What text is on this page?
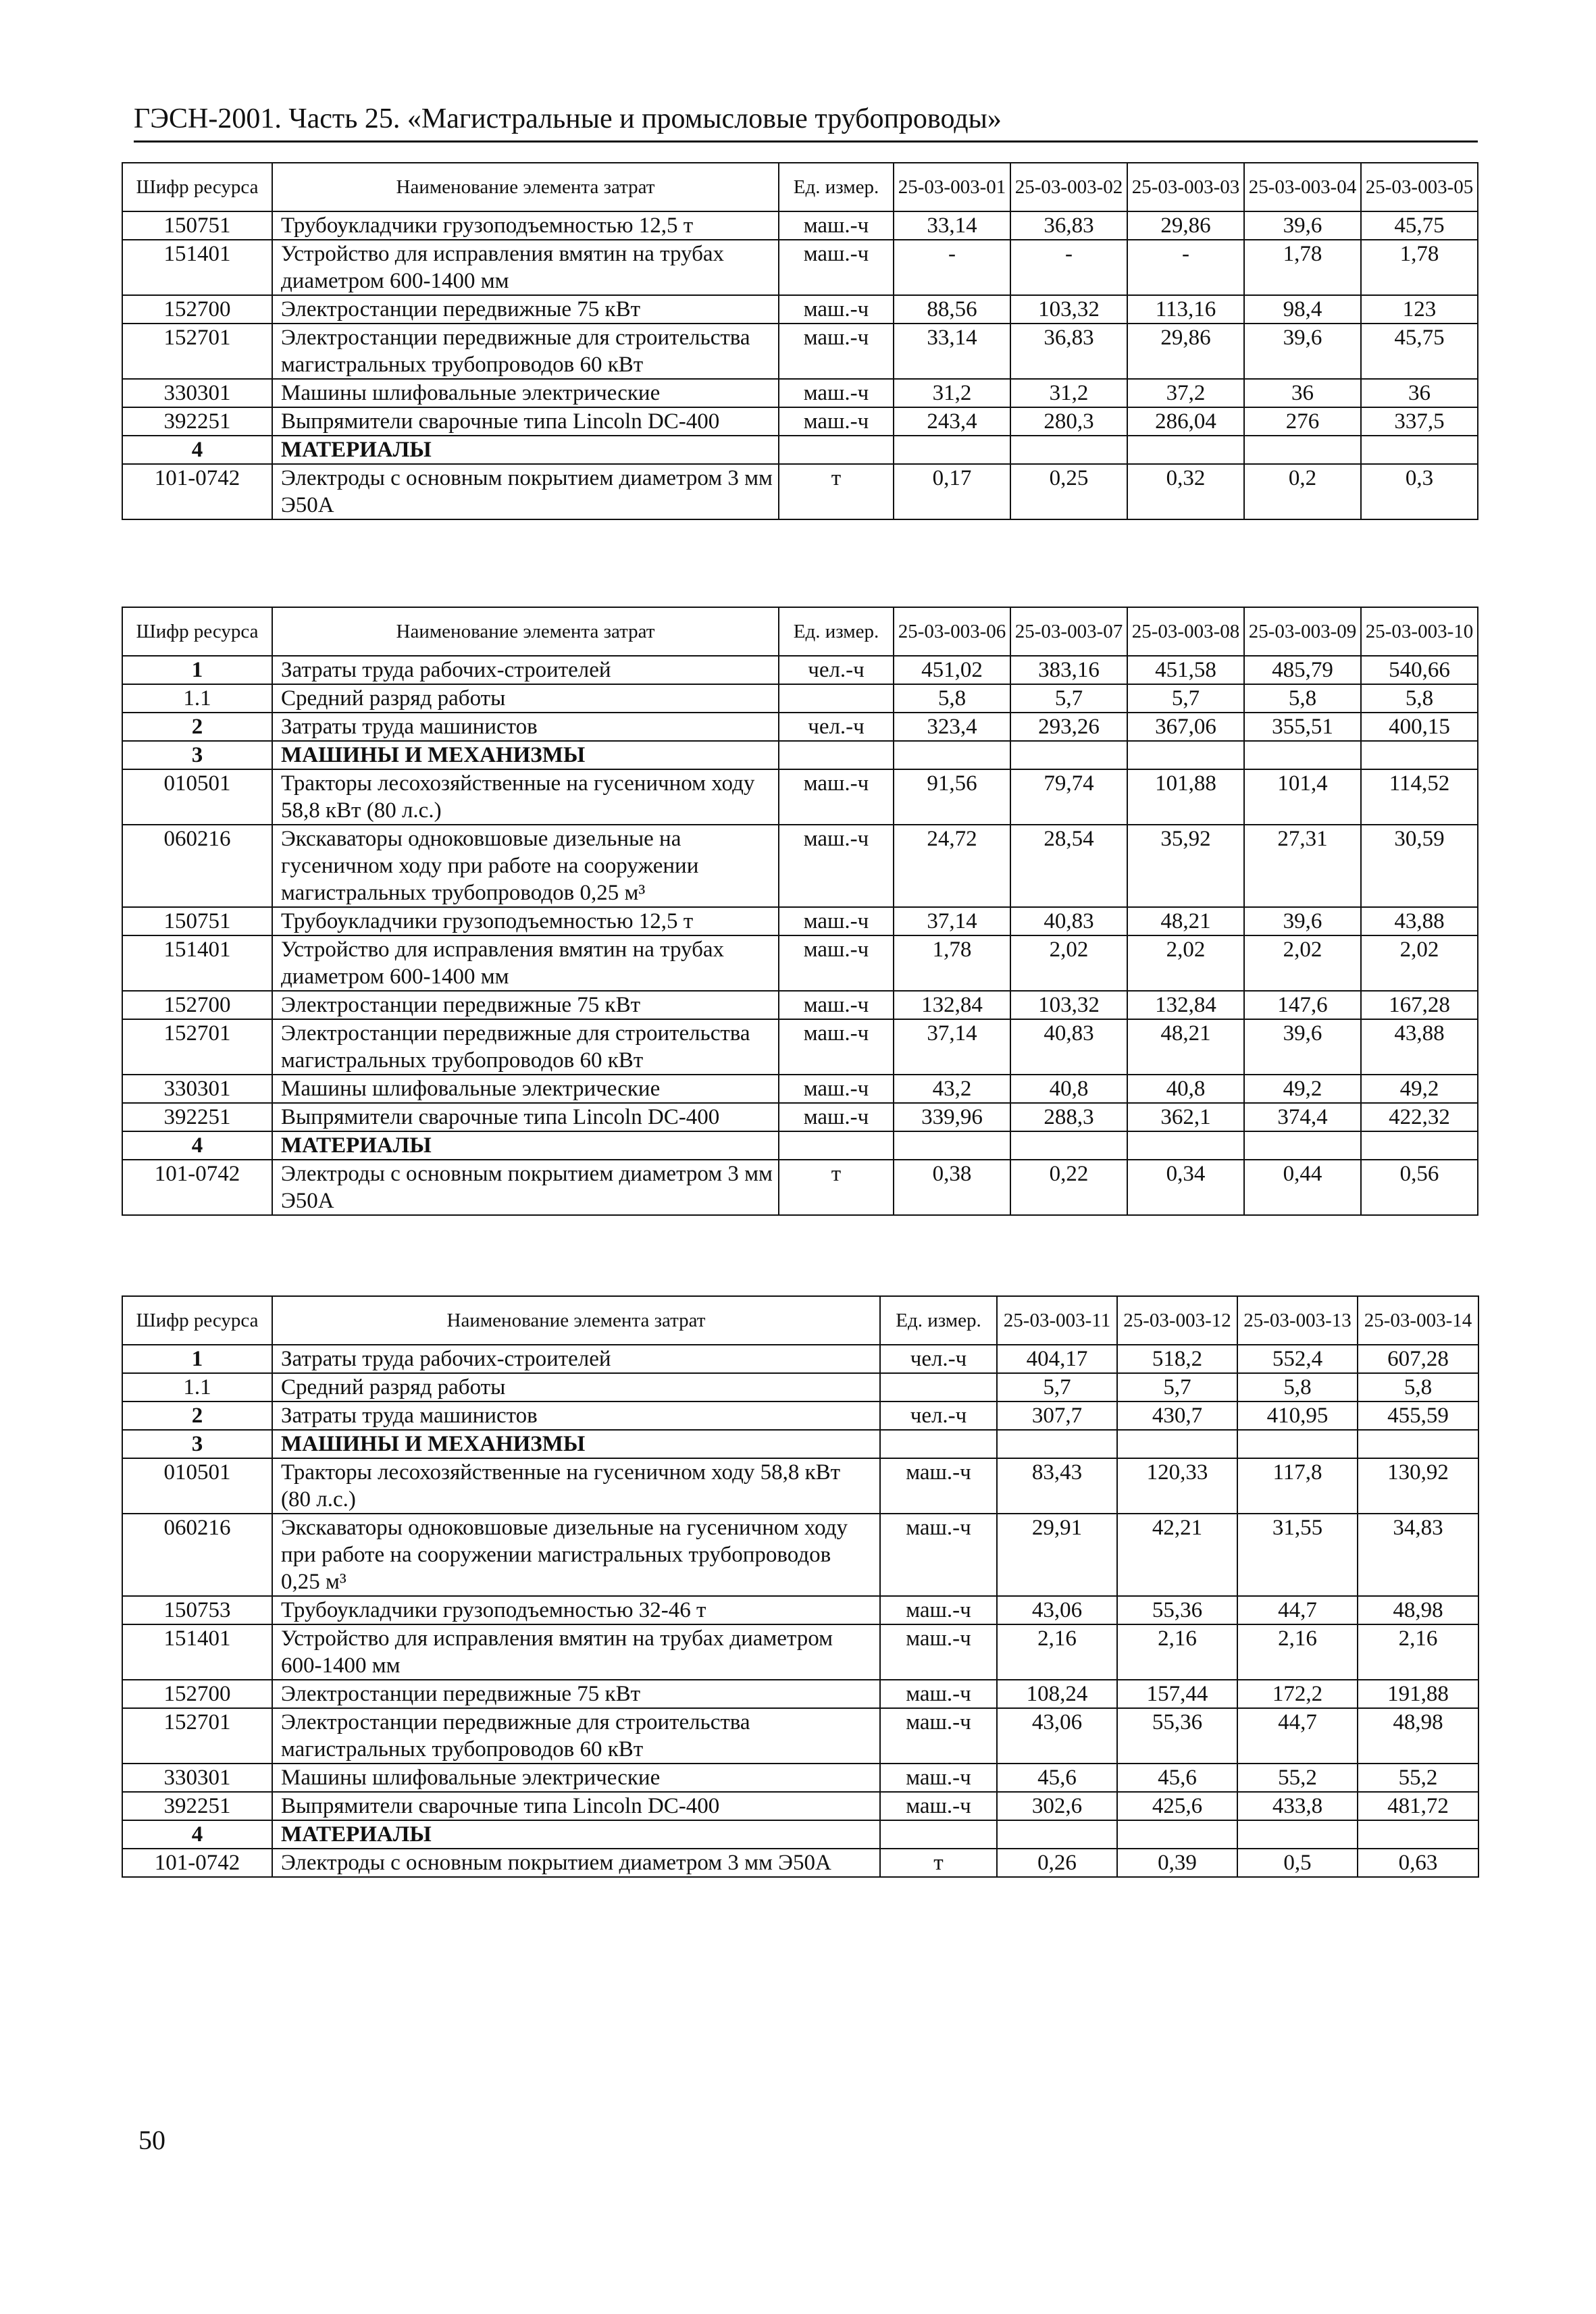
ГЭСН-2001. Часть 25. «Магистральные и промысловые трубопроводы»
Шифр ресурса	Наименование элемента затрат	Ед. измер.	25-03-003-01	25-03-003-02	25-03-003-03	25-03-003-04	25-03-003-05
150751	Трубоукладчики грузоподъемностью 12,5 т	маш.-ч	33,14	36,83	29,86	39,6	45,75
151401	Устройство для исправления вмятин на трубах диаметром 600-1400 мм	маш.-ч	-	-	-	1,78	1,78
152700	Электростанции передвижные 75 кВт	маш.-ч	88,56	103,32	113,16	98,4	123
152701	Электростанции передвижные для строительства магистральных трубопроводов 60 кВт	маш.-ч	33,14	36,83	29,86	39,6	45,75
330301	Машины шлифовальные электрические	маш.-ч	31,2	31,2	37,2	36	36
392251	Выпрямители сварочные типа Lincoln DC-400	маш.-ч	243,4	280,3	286,04	276	337,5
4	МАТЕРИАЛЫ						
101-0742	Электроды с основным покрытием диаметром 3 мм Э50А	т	0,17	0,25	0,32	0,2	0,3
Шифр ресурса	Наименование элемента затрат	Ед. измер.	25-03-003-06	25-03-003-07	25-03-003-08	25-03-003-09	25-03-003-10
1	Затраты труда рабочих-строителей	чел.-ч	451,02	383,16	451,58	485,79	540,66
1.1	Средний разряд работы		5,8	5,7	5,7	5,8	5,8
2	Затраты труда машинистов	чел.-ч	323,4	293,26	367,06	355,51	400,15
3	МАШИНЫ И МЕХАНИЗМЫ						
010501	Тракторы лесохозяйственные на гусеничном ходу 58,8 кВт (80 л.с.)	маш.-ч	91,56	79,74	101,88	101,4	114,52
060216	Экскаваторы одноковшовые дизельные на гусеничном ходу при работе на сооружении магистральных трубопроводов 0,25 м³	маш.-ч	24,72	28,54	35,92	27,31	30,59
150751	Трубоукладчики грузоподъемностью 12,5 т	маш.-ч	37,14	40,83	48,21	39,6	43,88
151401	Устройство для исправления вмятин на трубах диаметром 600-1400 мм	маш.-ч	1,78	2,02	2,02	2,02	2,02
152700	Электростанции передвижные 75 кВт	маш.-ч	132,84	103,32	132,84	147,6	167,28
152701	Электростанции передвижные для строительства магистральных трубопроводов 60 кВт	маш.-ч	37,14	40,83	48,21	39,6	43,88
330301	Машины шлифовальные электрические	маш.-ч	43,2	40,8	40,8	49,2	49,2
392251	Выпрямители сварочные типа Lincoln DC-400	маш.-ч	339,96	288,3	362,1	374,4	422,32
4	МАТЕРИАЛЫ						
101-0742	Электроды с основным покрытием диаметром 3 мм Э50А	т	0,38	0,22	0,34	0,44	0,56
Шифр ресурса	Наименование элемента затрат	Ед. измер.	25-03-003-11	25-03-003-12	25-03-003-13	25-03-003-14
1	Затраты труда рабочих-строителей	чел.-ч	404,17	518,2	552,4	607,28
1.1	Средний разряд работы		5,7	5,7	5,8	5,8
2	Затраты труда машинистов	чел.-ч	307,7	430,7	410,95	455,59
3	МАШИНЫ И МЕХАНИЗМЫ					
010501	Тракторы лесохозяйственные на гусеничном ходу 58,8 кВт (80 л.с.)	маш.-ч	83,43	120,33	117,8	130,92
060216	Экскаваторы одноковшовые дизельные на гусеничном ходу при работе на сооружении магистральных трубопроводов 0,25 м³	маш.-ч	29,91	42,21	31,55	34,83
150753	Трубоукладчики грузоподъемностью 32-46 т	маш.-ч	43,06	55,36	44,7	48,98
151401	Устройство для исправления вмятин на трубах диаметром 600-1400 мм	маш.-ч	2,16	2,16	2,16	2,16
152700	Электростанции передвижные 75 кВт	маш.-ч	108,24	157,44	172,2	191,88
152701	Электростанции передвижные для строительства магистральных трубопроводов 60 кВт	маш.-ч	43,06	55,36	44,7	48,98
330301	Машины шлифовальные электрические	маш.-ч	45,6	45,6	55,2	55,2
392251	Выпрямители сварочные типа Lincoln DC-400	маш.-ч	302,6	425,6	433,8	481,72
4	МАТЕРИАЛЫ					
101-0742	Электроды с основным покрытием диаметром 3 мм Э50А	т	0,26	0,39	0,5	0,63
50
